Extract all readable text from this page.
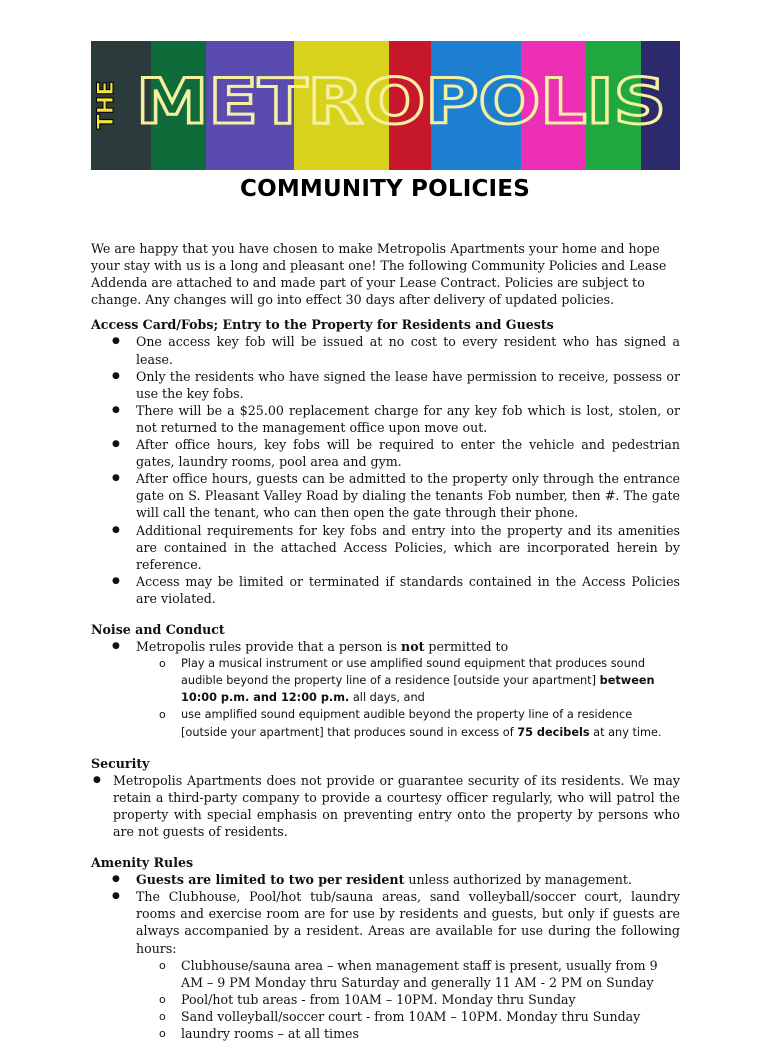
THE METROPOLIS
COMMUNITY POLICIES

We are happy that you have chosen to make Metropolis Apartments your home and hope your stay with us is a long and pleasant one! The following Community Policies and Lease Addenda are attached to and made part of your Lease Contract. Policies are subject to change. Any changes will go into effect 30 days after delivery of updated policies.

Access Card/Fobs; Entry to the Property for Residents and Guests
● One access key fob will be issued at no cost to every resident who has signed a lease.
● Only the residents who have signed the lease have permission to receive, possess or use the key fobs.
● There will be a $25.00 replacement charge for any key fob which is lost, stolen, or not returned to the management office upon move out.
● After office hours, key fobs will be required to enter the vehicle and pedestrian gates, laundry rooms, pool area and gym.
● After office hours, guests can be admitted to the property only through the entrance gate on S. Pleasant Valley Road by dialing the tenants Fob number, then #. The gate will call the tenant, who can then open the gate through their phone.
● Additional requirements for key fobs and entry into the property and its amenities are contained in the attached Access Policies, which are incorporated herein by reference.
● Access may be limited or terminated if standards contained in the Access Policies are violated.
Noise and Conduct
● Metropolis rules provide that a person is not permitted to
o Play a musical instrument or use amplified sound equipment that produces sound audible beyond the property line of a residence [outside your apartment] between 10:00 p.m. and 12:00 p.m. all days, and
o use amplified sound equipment audible beyond the property line of a residence [outside your apartment] that produces sound in excess of 75 decibels at any time.
Security
● Metropolis Apartments does not provide or guarantee security of its residents. We may retain a third-party company to provide a courtesy officer regularly, who will patrol the property with special emphasis on preventing entry onto the property by persons who are not guests of residents.
Amenity Rules
● Guests are limited to two per resident unless authorized by management.
● The Clubhouse, Pool/hot tub/sauna areas, sand volleyball/soccer court, laundry rooms and exercise room are for use by residents and guests, but only if guests are always accompanied by a resident. Areas are available for use during the following hours:
o Clubhouse/sauna area – when management staff is present, usually from 9 AM – 9 PM Monday thru Saturday and generally 11 AM - 2 PM on Sunday
o Pool/hot tub areas - from 10AM – 10PM. Monday thru Sunday
o Sand volleyball/soccer court - from 10AM – 10PM. Monday thru Sunday
o laundry rooms – at all times
